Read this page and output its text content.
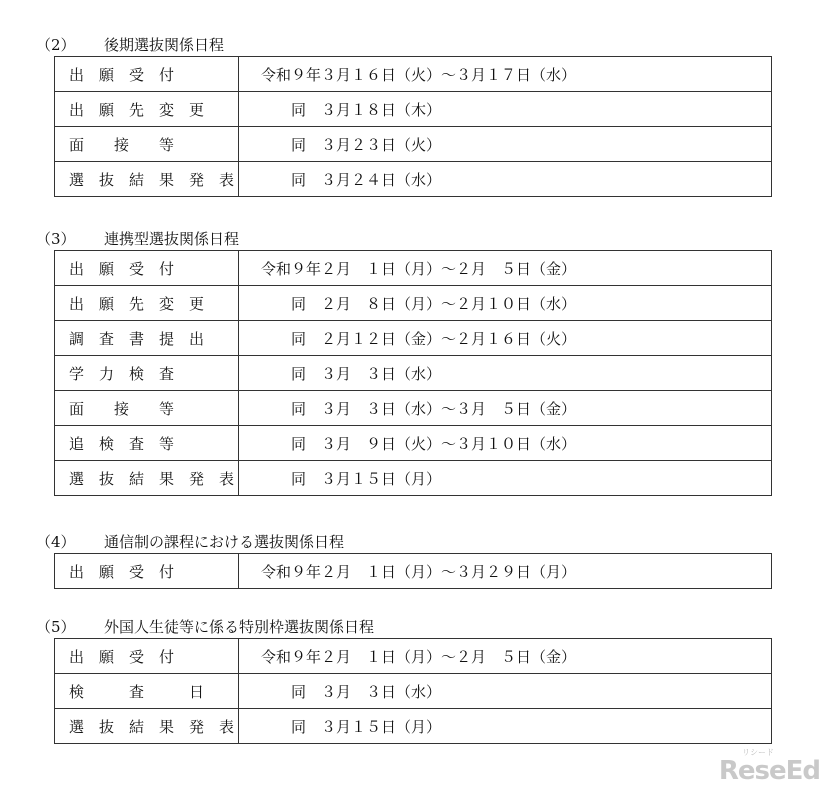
（2） 後期選抜関係日程
出　願　受　付	令和９年３月１６日（火）～３月１７日（水）
出　願　先　変　更	　　同　３月１８日（木）
面　　接　　等	　　同　３月２３日（火）
選　抜　結　果　発　表	　　同　３月２４日（水）
（3） 連携型選抜関係日程
出　願　受　付	令和９年２月　１日（月）～２月　５日（金）
出　願　先　変　更	　　同　２月　８日（月）～２月１０日（水）
調　査　書　提　出	　　同　２月１２日（金）～２月１６日（火）
学　力　検　査	　　同　３月　３日（水）
面　　接　　等	　　同　３月　３日（水）～３月　５日（金）
追　検　査　等	　　同　３月　９日（火）～３月１０日（水）
選　抜　結　果　発　表	　　同　３月１５日（月）
（4） 通信制の課程における選抜関係日程
出　願　受　付	令和９年２月　１日（月）～３月２９日（月）
（5） 外国人生徒等に係る特別枠選抜関係日程
出　願　受　付	令和９年２月　１日（月）～２月　５日（金）
検　　　査　　　日	　　同　３月　３日（水）
選　抜　結　果　発　表	　　同　３月１５日（月）
リシード
ReseEd
